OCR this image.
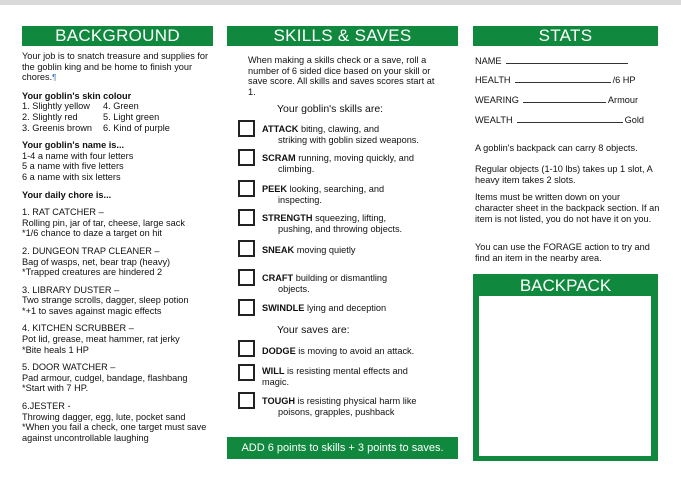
BACKGROUND

Your job is to snatch treasure and supplies for the goblin king and be home to finish your chores.¶

Your goblin's skin colour

1. Slightly yellow	4. Green
2. Slightly red	5. Light green
3. Greenis brown	6. Kind of purple

Your goblin's name is...

1-4 a name with four letters

5 a name with five letters

6 a name with six letters

Your daily chore is...

1. RAT CATCHER –

Rolling pin, jar of tar, cheese, large sack

*1/6 chance to daze a target on hit

2. DUNGEON TRAP CLEANER –

Bag of wasps, net, bear trap (heavy)

*Trapped creatures are hindered 2

3. LIBRARY DUSTER –

Two strange scrolls, dagger, sleep potion

*+1 to saves against magic effects

4. KITCHEN SCRUBBER –

Pot lid, grease, meat hammer, rat jerky

*Bite heals 1 HP

5. DOOR WATCHER –

Pad armour, cudgel, bandage, flashbang

*Start with 7 HP.

6.JESTER -

Throwing dagger, egg, lute, pocket sand

*When you fail a check, one target must save against uncontrollable laughing

SKILLS & SAVES
When making a skills check or a save, roll a number of 6 sided dice based on your skill or save score. All skills and saves scores start at 1.
Your goblin's skills are:
ATTACK biting, clawing, and
striking with goblin sized weapons.
SCRAM running, moving quickly, and
climbing.
PEEK looking, searching, and
inspecting.
STRENGTH squeezing, lifting,
pushing, and throwing objects.
SNEAK moving quietly
CRAFT building or dismantling
objects.
SWINDLE lying and deception
Your saves are:
DODGE is moving to avoid an attack.
WILL is resisting mental effects and
magic.
TOUGH is resisting physical harm like
poisons, grapples, pushback
ADD 6 points to skills + 3 points to saves.
STATS
NAME
HEALTH	/6 HP
WEARING	Armour
WEALTH	Gold
A goblin's backpack can carry 8 objects.
Regular objects (1-10 lbs) takes up 1 slot, A heavy item takes 2 slots.
Items must be written down on your character sheet in the backpack section. If an item is not listed, you do not have it on you.
You can use the FORAGE action to try and find an item in the nearby area.
BACKPACK
